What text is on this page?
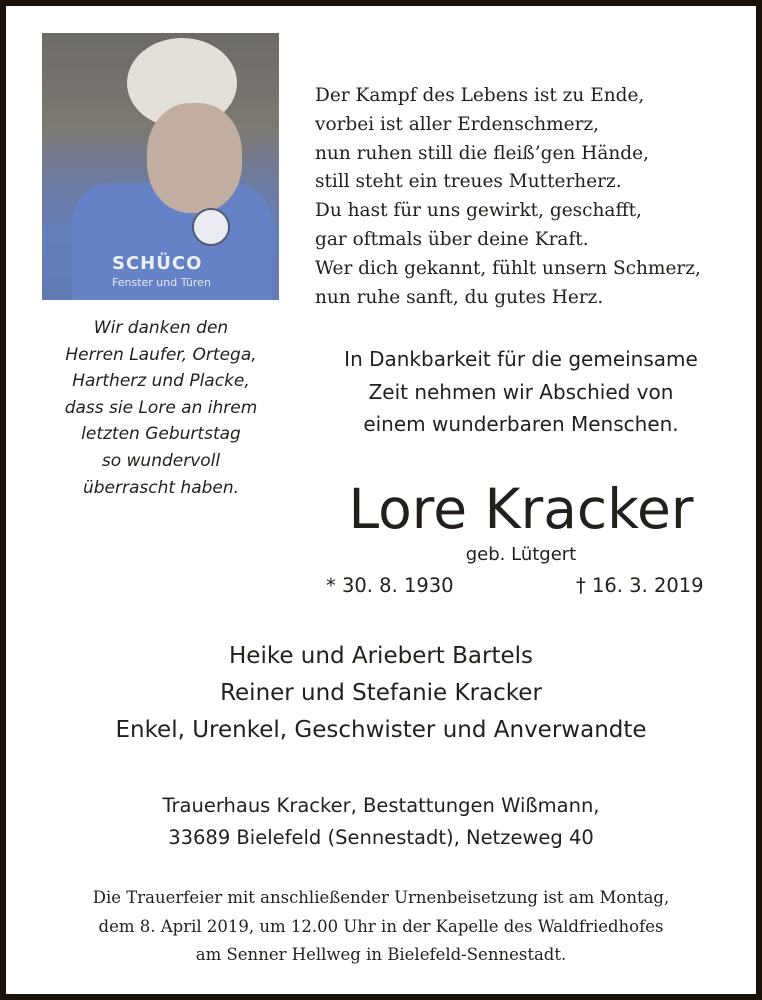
SCHÜCO
Fenster und Türen
Der Kampf des Lebens ist zu Ende,
vorbei ist aller Erdenschmerz,
nun ruhen still die fleiß’gen Hände,
still steht ein treues Mutterherz.
Du hast für uns gewirkt, geschafft,
gar oftmals über deine Kraft.
Wer dich gekannt, fühlt unsern Schmerz,
nun ruhe sanft, du gutes Herz.
Wir danken den
Herren Laufer, Ortega,
Hartherz und Placke,
dass sie Lore an ihrem
letzten Geburtstag
so wundervoll
überrascht haben.
In Dankbarkeit für die gemeinsame
Zeit nehmen wir Abschied von
einem wunderbaren Menschen.
Lore Kracker
geb. Lütgert
* 30. 8. 1930	† 16. 3. 2019
Heike und Ariebert Bartels
Reiner und Stefanie Kracker
Enkel, Urenkel, Geschwister und Anverwandte
Trauerhaus Kracker, Bestattungen Wißmann,
33689 Bielefeld (Sennestadt), Netzeweg 40
Die Trauerfeier mit anschließender Urnenbeisetzung ist am Montag,
dem 8. April 2019, um 12.00 Uhr in der Kapelle des Waldfriedhofes
am Senner Hellweg in Bielefeld-Sennestadt.
